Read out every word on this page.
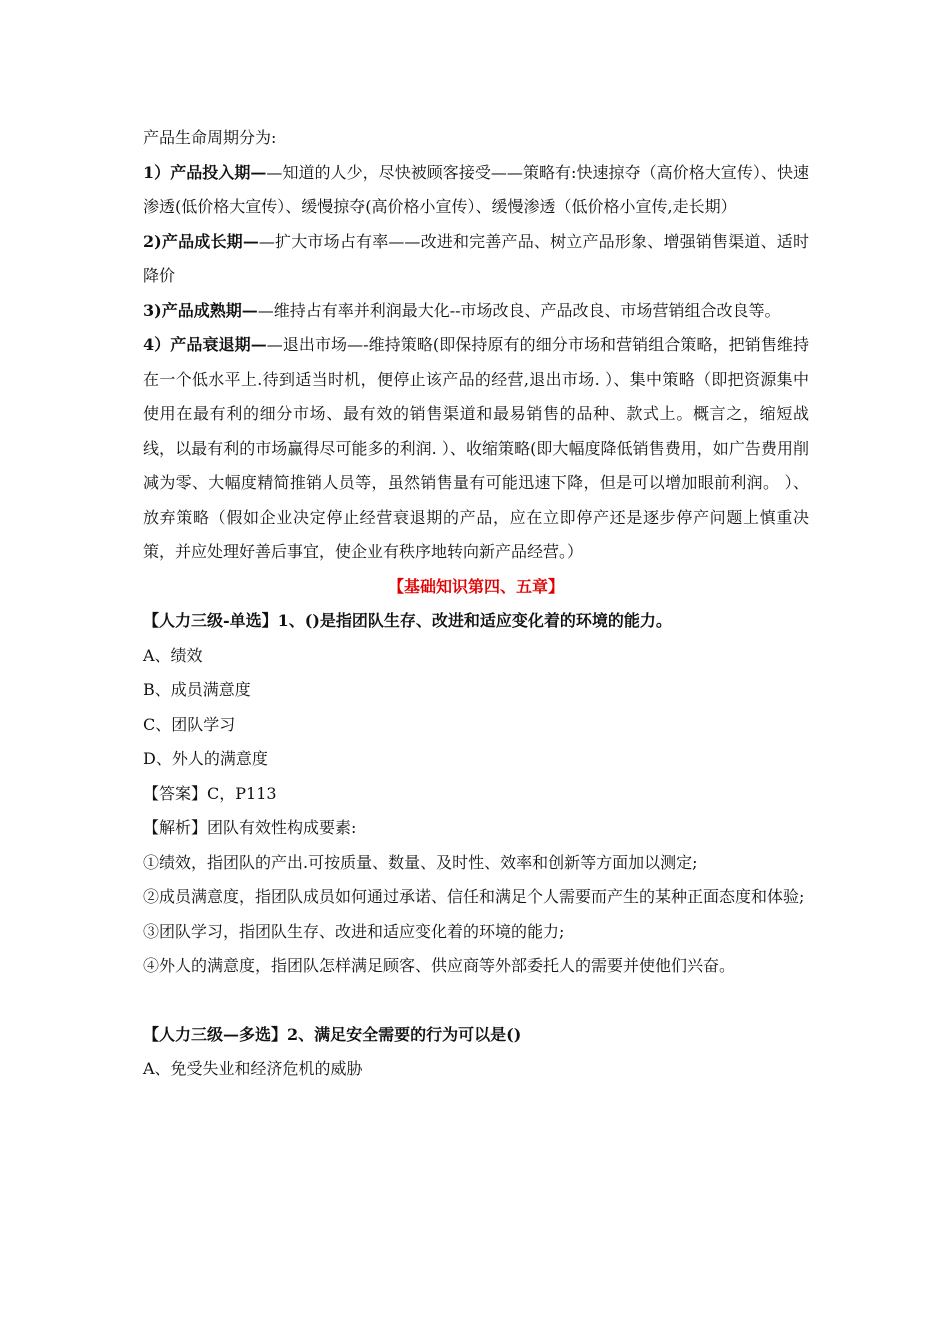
产品生命周期分为:

1）产品投入期——知道的人少，尽快被顾客接受——策略有:快速掠夺（高价格大宣传）、快速渗透(低价格大宣传）、缓慢掠夺(高价格小宣传）、缓慢渗透（低价格小宣传,走长期）

2)产品成长期——扩大市场占有率——改进和完善产品、树立产品形象、增强销售渠道、适时降价

3)产品成熟期——维持占有率并利润最大化--市场改良、产品改良、市场营销组合改良等。

4）产品衰退期——退出市场—-维持策略(即保持原有的细分市场和营销组合策略，把销售维持在一个低水平上.待到适当时机，便停止该产品的经营,退出市场. ）、集中策略（即把资源集中使用在最有利的细分市场、最有效的销售渠道和最易销售的品种、款式上。概言之，缩短战线，以最有利的市场赢得尽可能多的利润. ）、收缩策略(即大幅度降低销售费用，如广告费用削减为零、大幅度精简推销人员等，虽然销售量有可能迅速下降，但是可以增加眼前利润。 ）、放弃策略（假如企业决定停止经营衰退期的产品，应在立即停产还是逐步停产问题上慎重决策，并应处理好善后事宜，使企业有秩序地转向新产品经营。）

【基础知识第四、五章】

【人力三级-单选】1、()是指团队生存、改进和适应变化着的环境的能力。

A、绩效

B、成员满意度

C、团队学习

D、外人的满意度

【答案】C，P113

【解析】团队有效性构成要素:

①绩效，指团队的产出.可按质量、数量、及时性、效率和创新等方面加以测定;

②成员满意度，指团队成员如何通过承诺、信任和满足个人需要而产生的某种正面态度和体验;

③团队学习，指团队生存、改进和适应变化着的环境的能力;

④外人的满意度，指团队怎样满足顾客、供应商等外部委托人的需要并使他们兴奋。

【人力三级—多选】2、满足安全需要的行为可以是()

A、免受失业和经济危机的威胁
